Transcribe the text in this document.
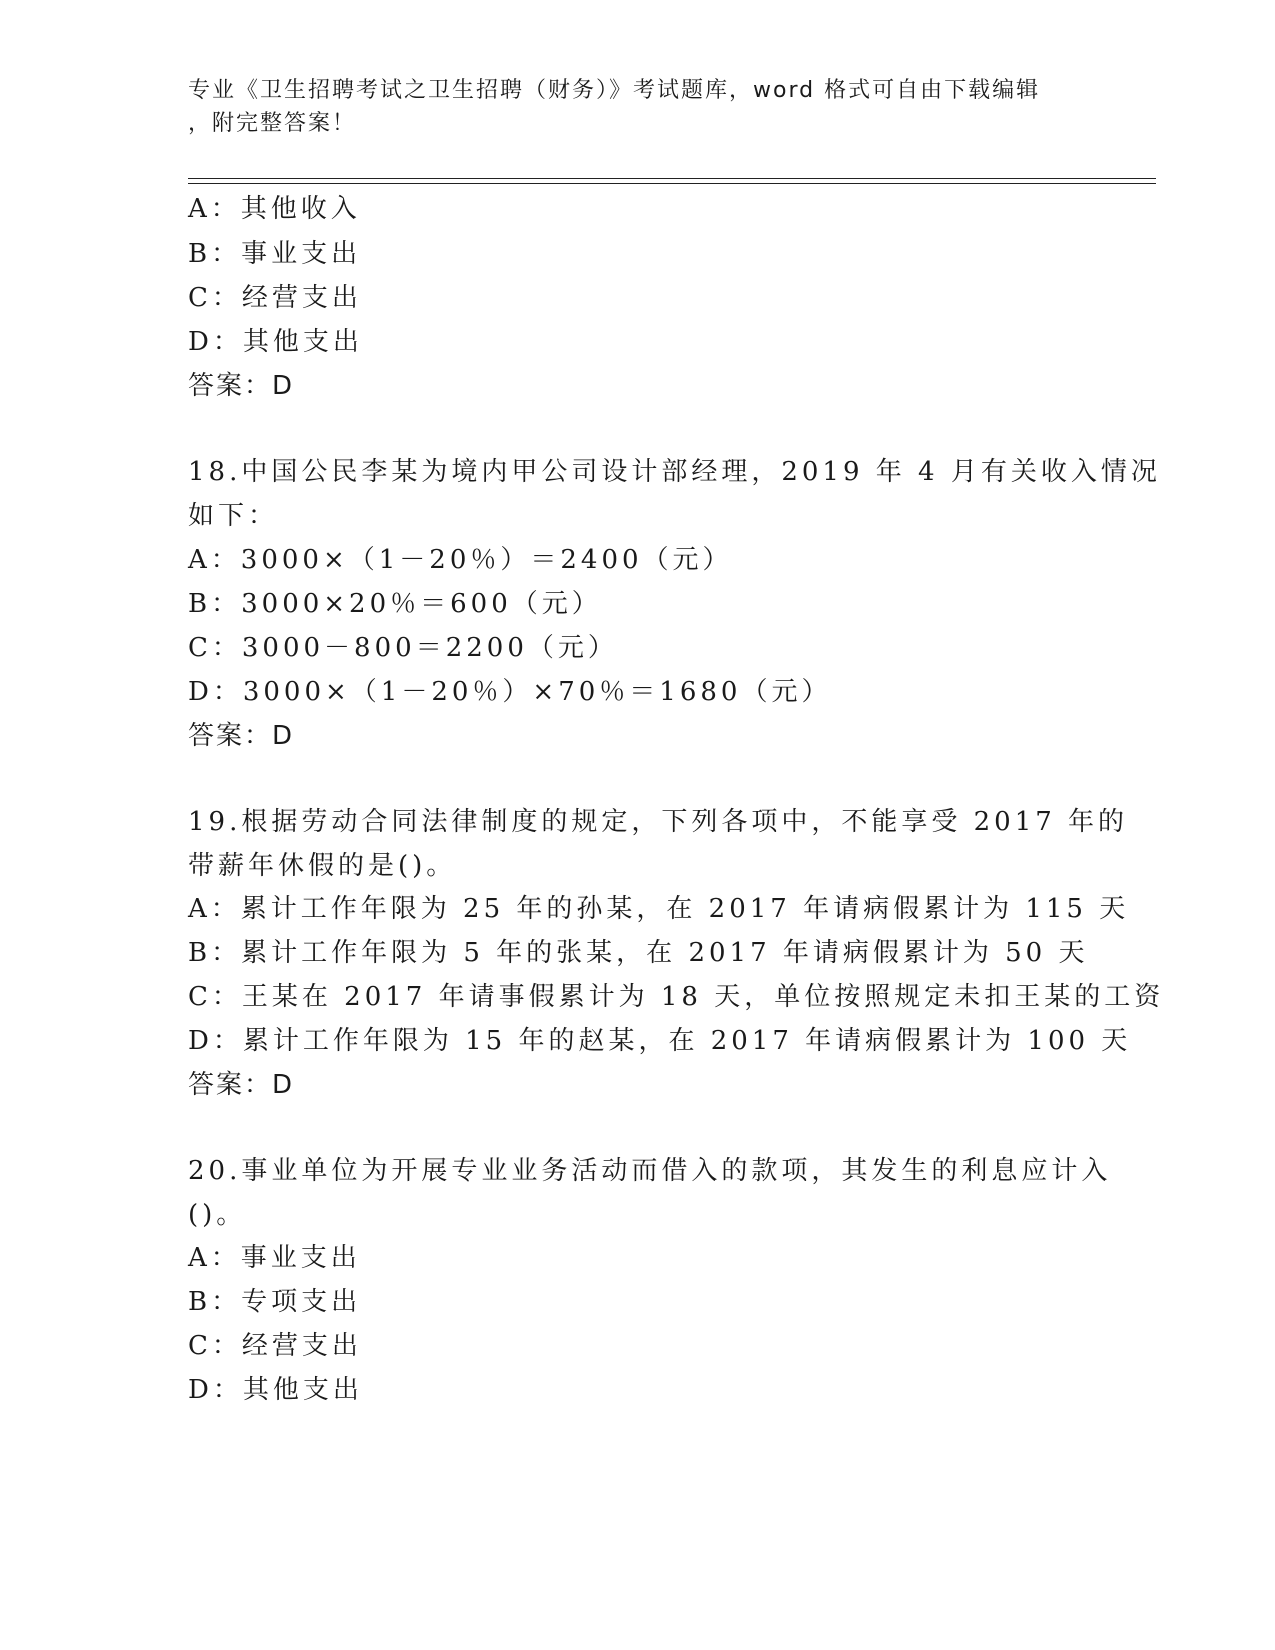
专业《卫生招聘考试之卫生招聘（财务）》考试题库，word 格式可自由下载编辑
，附完整答案！
A：其他收入
B：事业支出
C：经营支出
D：其他支出
答案：D
18.中国公民李某为境内甲公司设计部经理，2019 年 4 月有关收入情况
如下：
A：3000×（1－20％）＝2400（元）
B：3000×20％＝600（元）
C：3000－800＝2200（元）
D：3000×（1－20％）×70％＝1680（元）
答案：D
19.根据劳动合同法律制度的规定，下列各项中，不能享受 2017 年的
带薪年休假的是()。
A：累计工作年限为 25 年的孙某，在 2017 年请病假累计为 115 天
B：累计工作年限为 5 年的张某，在 2017 年请病假累计为 50 天
C：王某在 2017 年请事假累计为 18 天，单位按照规定未扣王某的工资
D：累计工作年限为 15 年的赵某，在 2017 年请病假累计为 100 天
答案：D
20.事业单位为开展专业业务活动而借入的款项，其发生的利息应计入
()。
A：事业支出
B：专项支出
C：经营支出
D：其他支出
